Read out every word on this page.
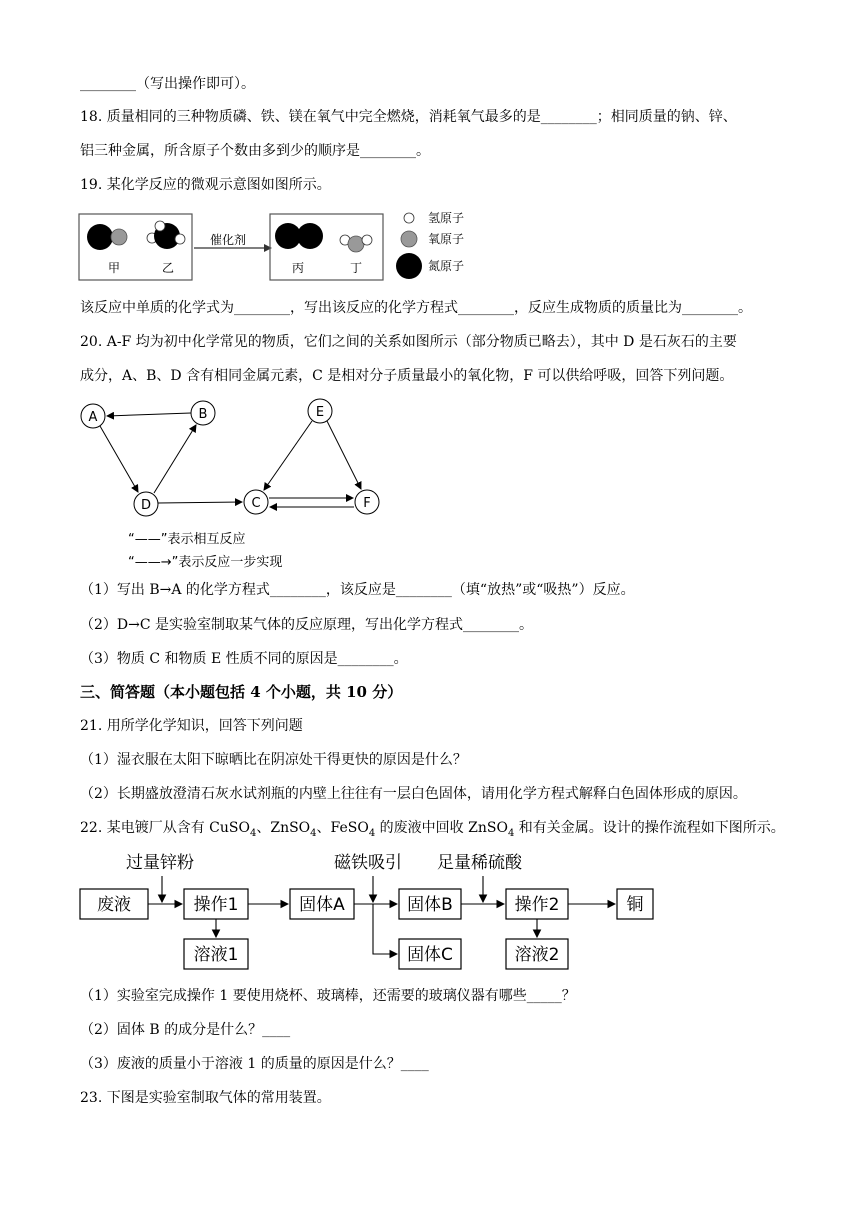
________（写出操作即可）。
18. 质量相同的三种物质磷、铁、镁在氧气中完全燃烧，消耗氧气最多的是________；相同质量的钠、锌、
铝三种金属，所含原子个数由多到少的顺序是________。
19. 某化学反应的微观示意图如图所示。
甲	乙
催化剂
丙	丁
氢原子
氧原子
氮原子
该反应中单质的化学式为________，写出该反应的化学方程式________，反应生成物质的质量比为________。
20. A-F 均为初中化学常见的物质，它们之间的关系如图所示（部分物质已略去），其中 D 是石灰石的主要
成分，A、B、D 含有相同金属元素，C 是相对分子质量最小的氧化物，F 可以供给呼吸，回答下列问题。
A	B	E
D	C	F
“——”表示相互反应
“——→”表示反应一步实现
（1）写出 B→A 的化学方程式________，该反应是________（填“放热”或“吸热”）反应。
（2）D→C 是实验室制取某气体的反应原理，写出化学方程式________。
（3）物质 C 和物质 E 性质不同的原因是________。
三、简答题（本小题包括 4 个小题，共 10 分）
21. 用所学化学知识，回答下列问题
（1）湿衣服在太阳下晾晒比在阴凉处干得更快的原因是什么？
（2）长期盛放澄清石灰水试剂瓶的内壁上往往有一层白色固体，请用化学方程式解释白色固体形成的原因。
22. 某电镀厂从含有 CuSO$_4$、ZnSO$_4$、FeSO$_4$ 的废液中回收 ZnSO$_4$ 和有关金属。设计的操作流程如下图所示。
过量锌粉	磁铁吸引 足量稀硫酸
废液	操作1	固体A	固体B	操作2	铜
溶液1	固体C	溶液2
（1）实验室完成操作 1 要使用烧杯、玻璃棒，还需要的玻璃仪器有哪些_____？
（2）固体 B 的成分是什么？____
（3）废液的质量小于溶液 1 的质量的原因是什么？____
23. 下图是实验室制取气体的常用装置。
